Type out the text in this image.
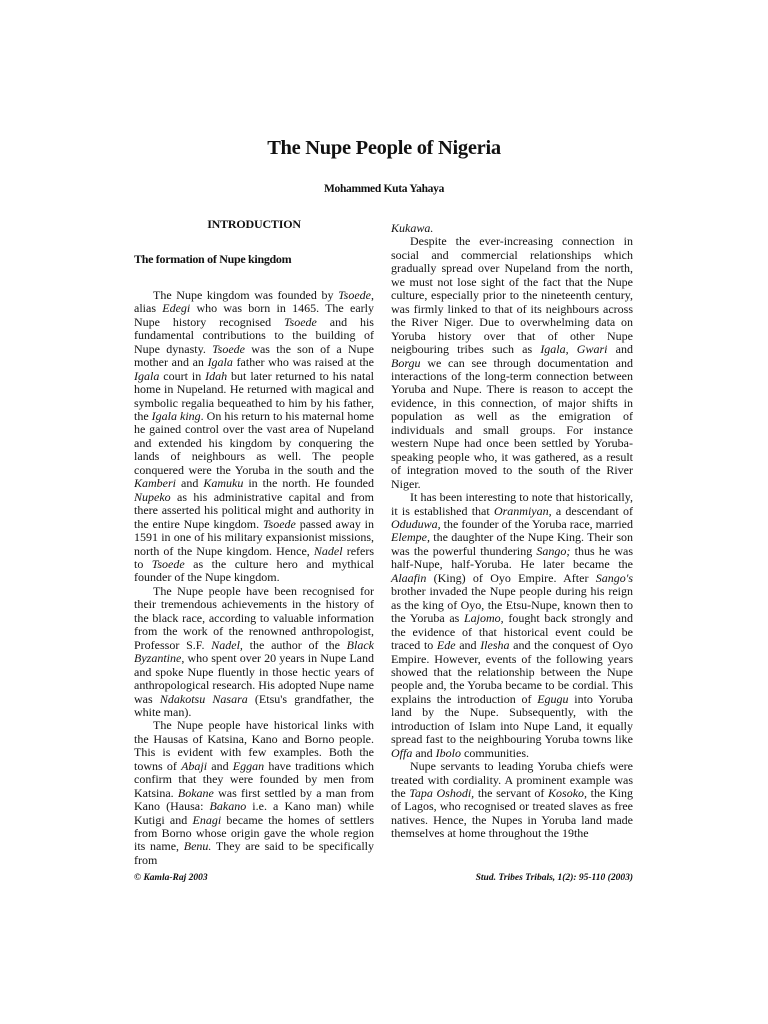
The Nupe People of Nigeria
Mohammed Kuta Yahaya
INTRODUCTION
The formation of Nupe kingdom

The Nupe kingdom was founded by Tsoede, alias Edegi who was born in 1465. The early Nupe history recognised Tsoede and his fundamental contributions to the building of Nupe dynasty. Tsoede was the son of a Nupe mother and an Igala father who was raised at the Igala court in Idah but later returned to his natal home in Nupeland. He returned with magical and symbolic regalia bequeathed to him by his father, the Igala king. On his return to his maternal home he gained control over the vast area of Nupeland and extended his kingdom by conquering the lands of neighbours as well. The people conquered were the Yoruba in the south and the Kamberi and Kamuku in the north. He founded Nupeko as his administrative capital and from there asserted his political might and authority in the entire Nupe kingdom. Tsoede passed away in 1591 in one of his military expansionist missions, north of the Nupe kingdom. Hence, Nadel refers to Tsoede as the culture hero and mythical founder of the Nupe kingdom.

The Nupe people have been recognised for their tremendous achievements in the history of the black race, according to valuable information from the work of the renowned anthropologist, Professor S.F. Nadel, the author of the Black Byzantine, who spent over 20 years in Nupe Land and spoke Nupe fluently in those hectic years of anthropological research. His adopted Nupe name was Ndakotsu Nasara (Etsu's grandfather, the white man).

The Nupe people have historical links with the Hausas of Katsina, Kano and Borno people. This is evident with few examples. Both the towns of Abaji and Eggan have traditions which confirm that they were founded by men from Katsina. Bokane was first settled by a man from Kano (Hausa: Bakano i.e. a Kano man) while Kutigi and Enagi became the homes of settlers from Borno whose origin gave the whole region its name, Benu. They are said to be specifically from

Kukawa.

Despite the ever-increasing connection in social and commercial relationships which gradually spread over Nupeland from the north, we must not lose sight of the fact that the Nupe culture, especially prior to the nineteenth century, was firmly linked to that of its neighbours across the River Niger. Due to overwhelming data on Yoruba history over that of other Nupe neigbouring tribes such as Igala, Gwari and Borgu we can see through documentation and interactions of the long-term connection between Yoruba and Nupe. There is reason to accept the evidence, in this connection, of major shifts in population as well as the emigration of individuals and small groups. For instance western Nupe had once been settled by Yoruba-speaking people who, it was gathered, as a result of integration moved to the south of the River Niger.

It has been interesting to note that historically, it is established that Oranmiyan, a descendant of Oduduwa, the founder of the Yoruba race, married Elempe, the daughter of the Nupe King. Their son was the powerful thundering Sango; thus he was half-Nupe, half-Yoruba. He later became the Alaafin (King) of Oyo Empire. After Sango's brother invaded the Nupe people during his reign as the king of Oyo, the Etsu-Nupe, known then to the Yoruba as Lajomo, fought back strongly and the evidence of that historical event could be traced to Ede and Ilesha and the conquest of Oyo Empire. However, events of the following years showed that the relationship between the Nupe people and, the Yoruba became to be cordial. This explains the introduction of Egugu into Yoruba land by the Nupe. Subsequently, with the introduction of Islam into Nupe Land, it equally spread fast to the neighbouring Yoruba towns like Offa and Ibolo communities.

Nupe servants to leading Yoruba chiefs were treated with cordiality. A prominent example was the Tapa Oshodi, the servant of Kosoko, the King of Lagos, who recognised or treated slaves as free natives. Hence, the Nupes in Yoruba land made themselves at home throughout the 19the

© Kamla-Raj 2003	Stud. Tribes Tribals, 1(2): 95-110 (2003)
